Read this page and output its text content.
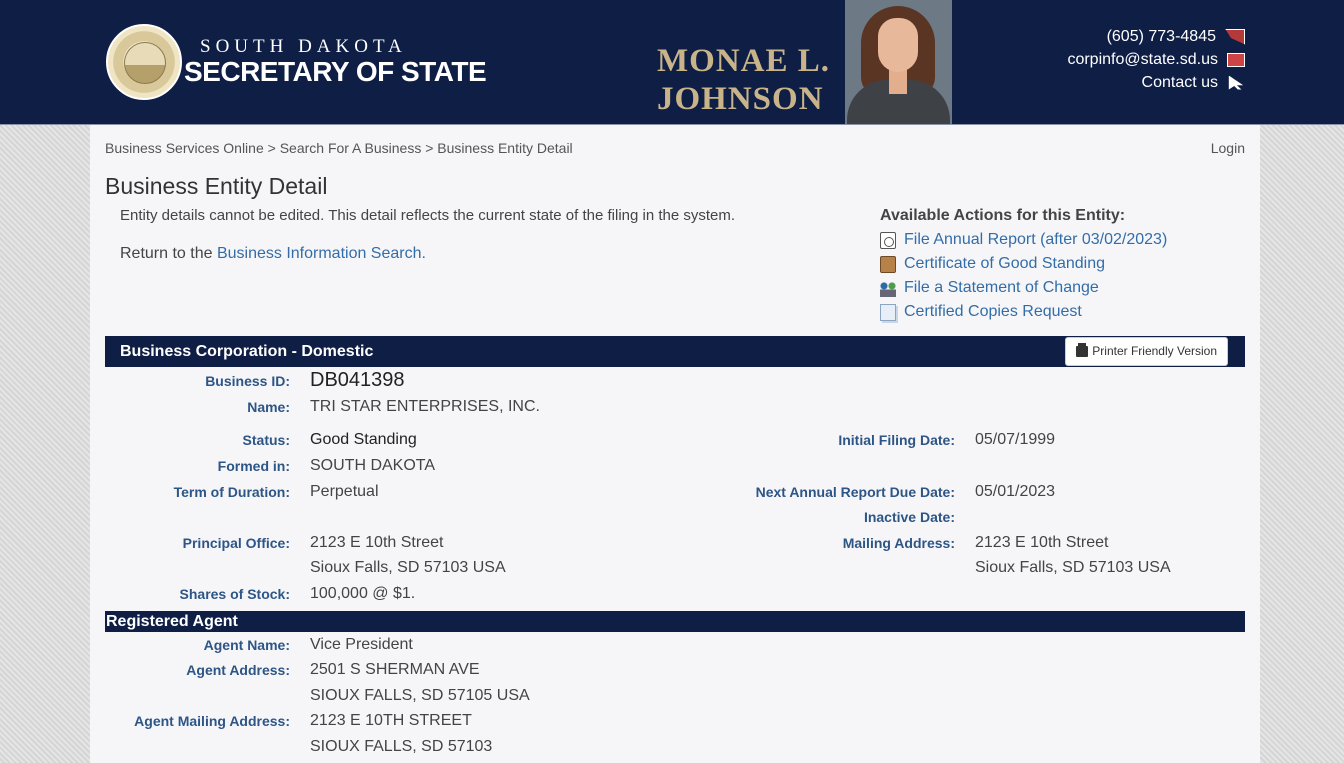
SOUTH DAKOTA
SECRETARY OF STATE	MONAE L.
JOHNSON
(605) 773-4845
corpinfo@state.sd.us
Contact us
Business Services Online > Search For A Business > Business Entity Detail	Login
Business Entity Detail
Entity details cannot be edited. This detail reflects the current state of the filing in the system.
Return to the Business Information Search.
Available Actions for this Entity:
File Annual Report (after 03/02/2023)
Certificate of Good Standing
File a Statement of Change
Certified Copies Request
Business Corporation - Domestic	Printer Friendly Version
Business ID: DB041398
Name: TRI STAR ENTERPRISES, INC.
Status: Good Standing	Initial Filing Date: 05/07/1999
Formed in: SOUTH DAKOTA
Term of Duration: Perpetual	Next Annual Report Due Date: 05/01/2023
Inactive Date:
Principal Office: 2123 E 10th Street
Sioux Falls, SD 57103 USA
Mailing Address: 2123 E 10th Street
Sioux Falls, SD 57103 USA
Shares of Stock: 100,000 @ $1.
Registered Agent
Agent Name: Vice President
Agent Address: 2501 S SHERMAN AVE
SIOUX FALLS, SD 57105 USA
Agent Mailing Address: 2123 E 10TH STREET
SIOUX FALLS, SD 57103
